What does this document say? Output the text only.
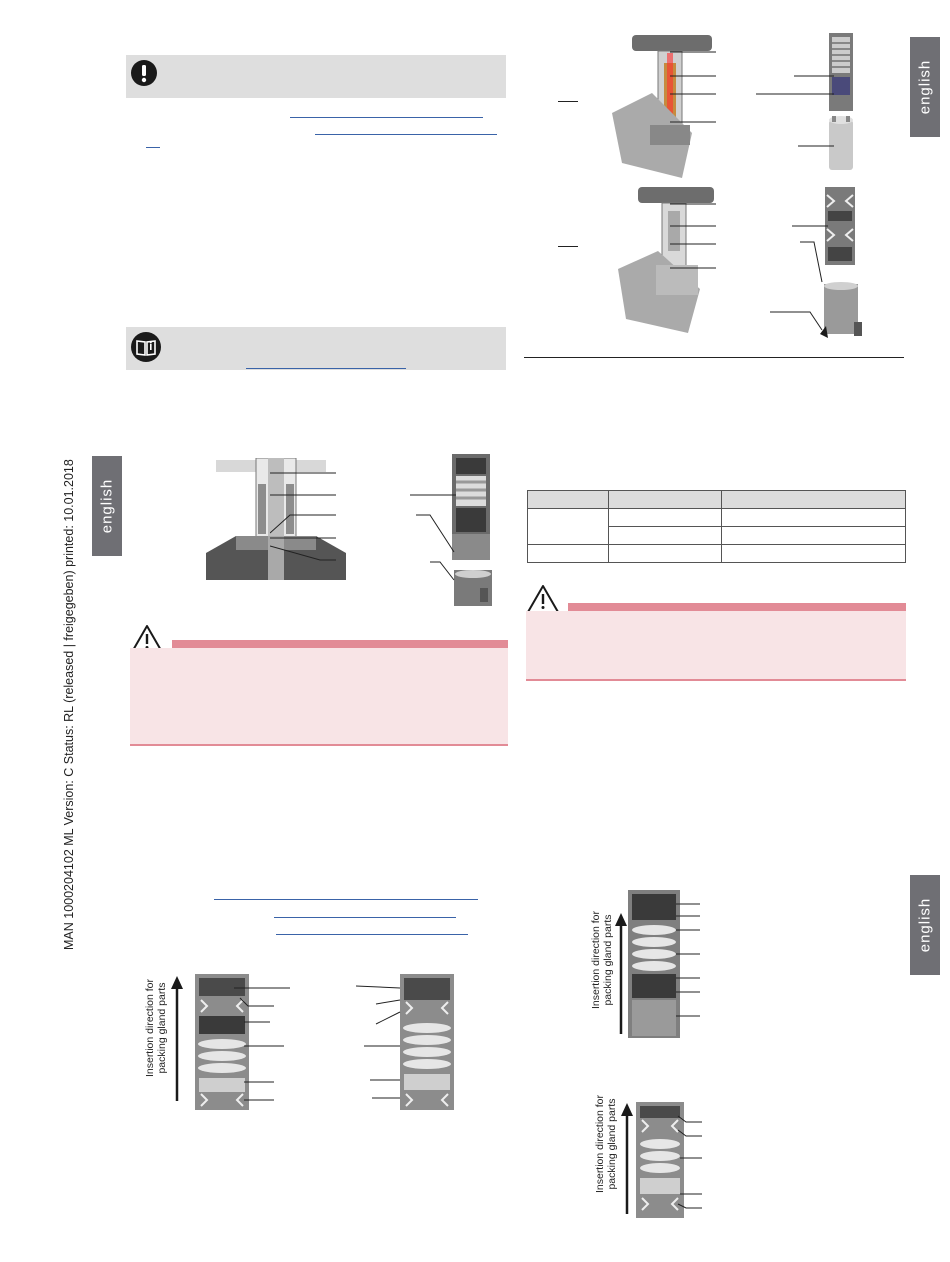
english
english
english
MAN 1000204102 ML Version: C Status: RL (released | freigegeben) printed: 10.01.2018
Insertion direction for packing gland parts

Insertion direction for packing gland parts
Insertion direction for packing gland parts
